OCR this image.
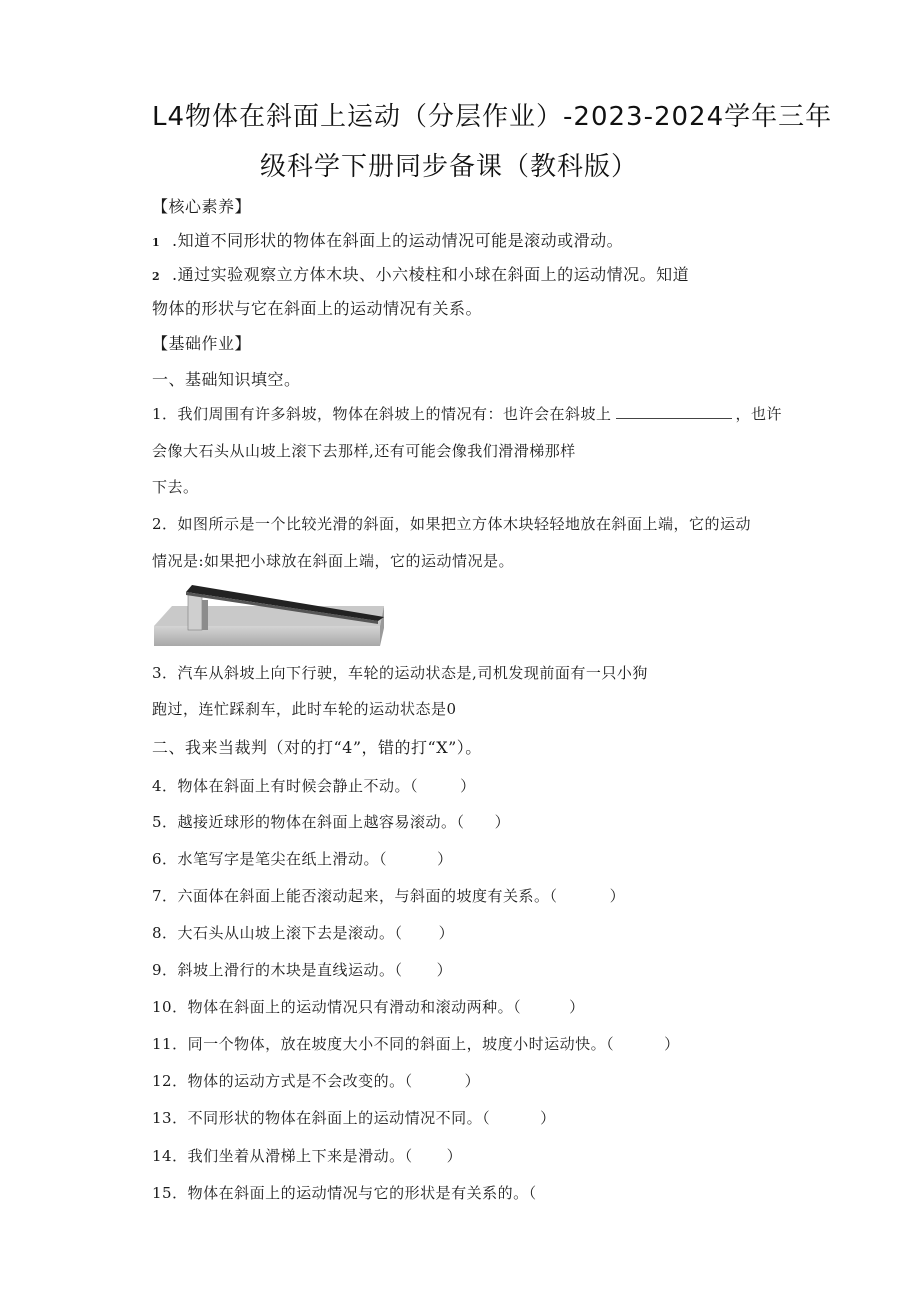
L4物体在斜面上运动（分层作业）-2023-2024学年三年
级科学下册同步备课（教科版）
【核心素养】
1 .知道不同形状的物体在斜面上的运动情况可能是滚动或滑动。
2 .通过实验观察立方体木块、小六棱柱和小球在斜面上的运动情况。知道
物体的形状与它在斜面上的运动情况有关系。
【基础作业】
一、基础知识填空。
1．我们周围有许多斜坡，物体在斜坡上的情况有：也许会在斜坡上	，也许
会像大石头从山坡上滚下去那样,还有可能会像我们滑滑梯那样
下去。
2．如图所示是一个比较光滑的斜面，如果把立方体木块轻轻地放在斜面上端，它的运动
情况是:如果把小球放在斜面上端，它的运动情况是。
3．汽车从斜坡上向下行驶，车轮的运动状态是,司机发现前面有一只小狗
跑过，连忙踩刹车，此时车轮的运动状态是0
二、我来当裁判（对的打“4”，错的打“X”）。
4．物体在斜面上有时候会静止不动。（	）
5．越接近球形的物体在斜面上越容易滚动。（ ）
6．水笔写字是笔尖在纸上滑动。（	）
7．六面体在斜面上能否滚动起来，与斜面的坡度有关系。（	）
8．大石头从山坡上滚下去是滚动。（ ）
9．斜坡上滑行的木块是直线运动。（ ）
10．物体在斜面上的运动情况只有滑动和滚动两种。（	）
11．同一个物体，放在坡度大小不同的斜面上，坡度小时运动快。（	）
12．物体的运动方式是不会改变的。（	）
13．不同形状的物体在斜面上的运动情况不同。（	）
14．我们坐着从滑梯上下来是滑动。（ ）
15．物体在斜面上的运动情况与它的形状是有关系的。（
